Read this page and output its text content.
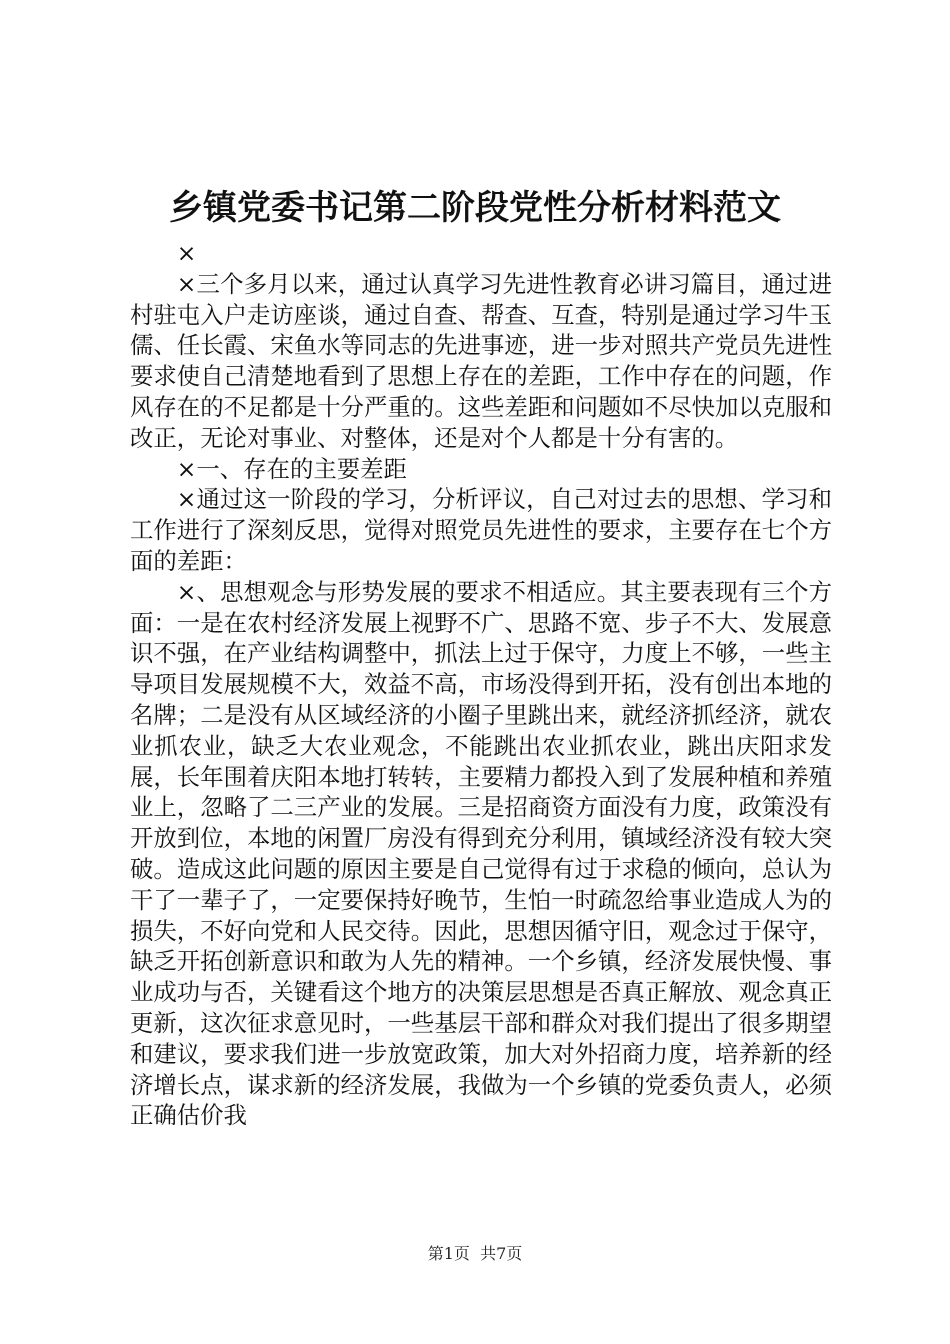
乡镇党委书记第二阶段党性分析材料范文

×

×三个多月以来，通过认真学习先进性教育必讲习篇目，通过进村驻屯入户走访座谈，通过自查、帮查、互查，特别是通过学习牛玉儒、任长霞、宋鱼水等同志的先进事迹，进一步对照共产党员先进性要求使自己清楚地看到了思想上存在的差距，工作中存在的问题，作风存在的不足都是十分严重的。这些差距和问题如不尽快加以克服和改正，无论对事业、对整体，还是对个人都是十分有害的。

×一、存在的主要差距

×通过这一阶段的学习，分析评议，自己对过去的思想、学习和工作进行了深刻反思，觉得对照党员先进性的要求，主要存在七个方面的差距：

×、思想观念与形势发展的要求不相适应。其主要表现有三个方面：一是在农村经济发展上视野不广、思路不宽、步子不大、发展意识不强，在产业结构调整中，抓法上过于保守，力度上不够，一些主导项目发展规模不大，效益不高，市场没得到开拓，没有创出本地的名牌；二是没有从区域经济的小圈子里跳出来，就经济抓经济，就农业抓农业，缺乏大农业观念，不能跳出农业抓农业，跳出庆阳求发展，长年围着庆阳本地打转转，主要精力都投入到了发展种植和养殖业上，忽略了二三产业的发展。三是招商资方面没有力度，政策没有开放到位，本地的闲置厂房没有得到充分利用，镇域经济没有较大突破。造成这此问题的原因主要是自己觉得有过于求稳的倾向，总认为干了一辈子了，一定要保持好晚节，生怕一时疏忽给事业造成人为的损失，不好向党和人民交待。因此，思想因循守旧，观念过于保守，缺乏开拓创新意识和敢为人先的精神。一个乡镇，经济发展快慢、事业成功与否，关键看这个地方的决策层思想是否真正解放、观念真正更新，这次征求意见时，一些基层干部和群众对我们提出了很多期望和建议，要求我们进一步放宽政策，加大对外招商力度，培养新的经济增长点，谋求新的经济发展，我做为一个乡镇的党委负责人，必须正确估价我

第1页  共7页
